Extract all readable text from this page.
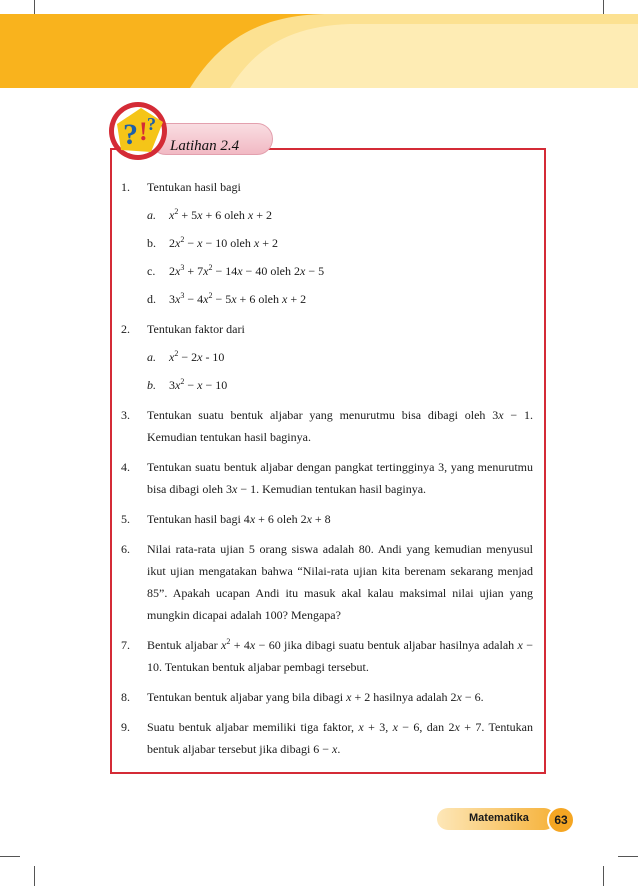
Latihan 2.4
? ! ?
1. Tentukan hasil bagi
a.	$x^2 + 5x + 6$ oleh x + 2
b.	$2x^2 - x - 10$ oleh x + 2
c.	$2x^3 + 7x^2 - 14x - 40$ oleh 2x − 5
d.	$3x^3 - 4x^2 - 5x + 6$ oleh x + 2
2. Tentukan faktor dari
a.	$x^2 - 2x - 10$
b.	$3x^2 - x - 10$
3. Tentukan suatu bentuk aljabar yang menurutmu bisa dibagi oleh 3x − 1. Kemudian tentukan hasil baginya.
4. Tentukan suatu bentuk aljabar dengan pangkat tertingginya 3, yang menurutmu bisa dibagi oleh 3x − 1. Kemudian tentukan hasil baginya.
5. Tentukan hasil bagi 4x + 6 oleh 2x + 8
6. Nilai rata-rata ujian 5 orang siswa adalah 80. Andi yang kemudian menyusul ikut ujian mengatakan bahwa “Nilai-rata ujian kita berenam sekarang menjad 85”. Apakah ucapan Andi itu masuk akal kalau maksimal nilai ujian yang mungkin dicapai adalah 100? Mengapa?
7. Bentuk aljabar $x^2 + 4x - 60$ jika dibagi suatu bentuk aljabar hasilnya adalah x − 10. Tentukan bentuk aljabar pembagi tersebut.
8. Tentukan bentuk aljabar yang bila dibagi x + 2 hasilnya adalah 2x − 6.
9. Suatu bentuk aljabar memiliki tiga faktor, x + 3, x − 6, dan 2x + 7. Tentukan bentuk aljabar tersebut jika dibagi 6 − x.
Matematika	63
